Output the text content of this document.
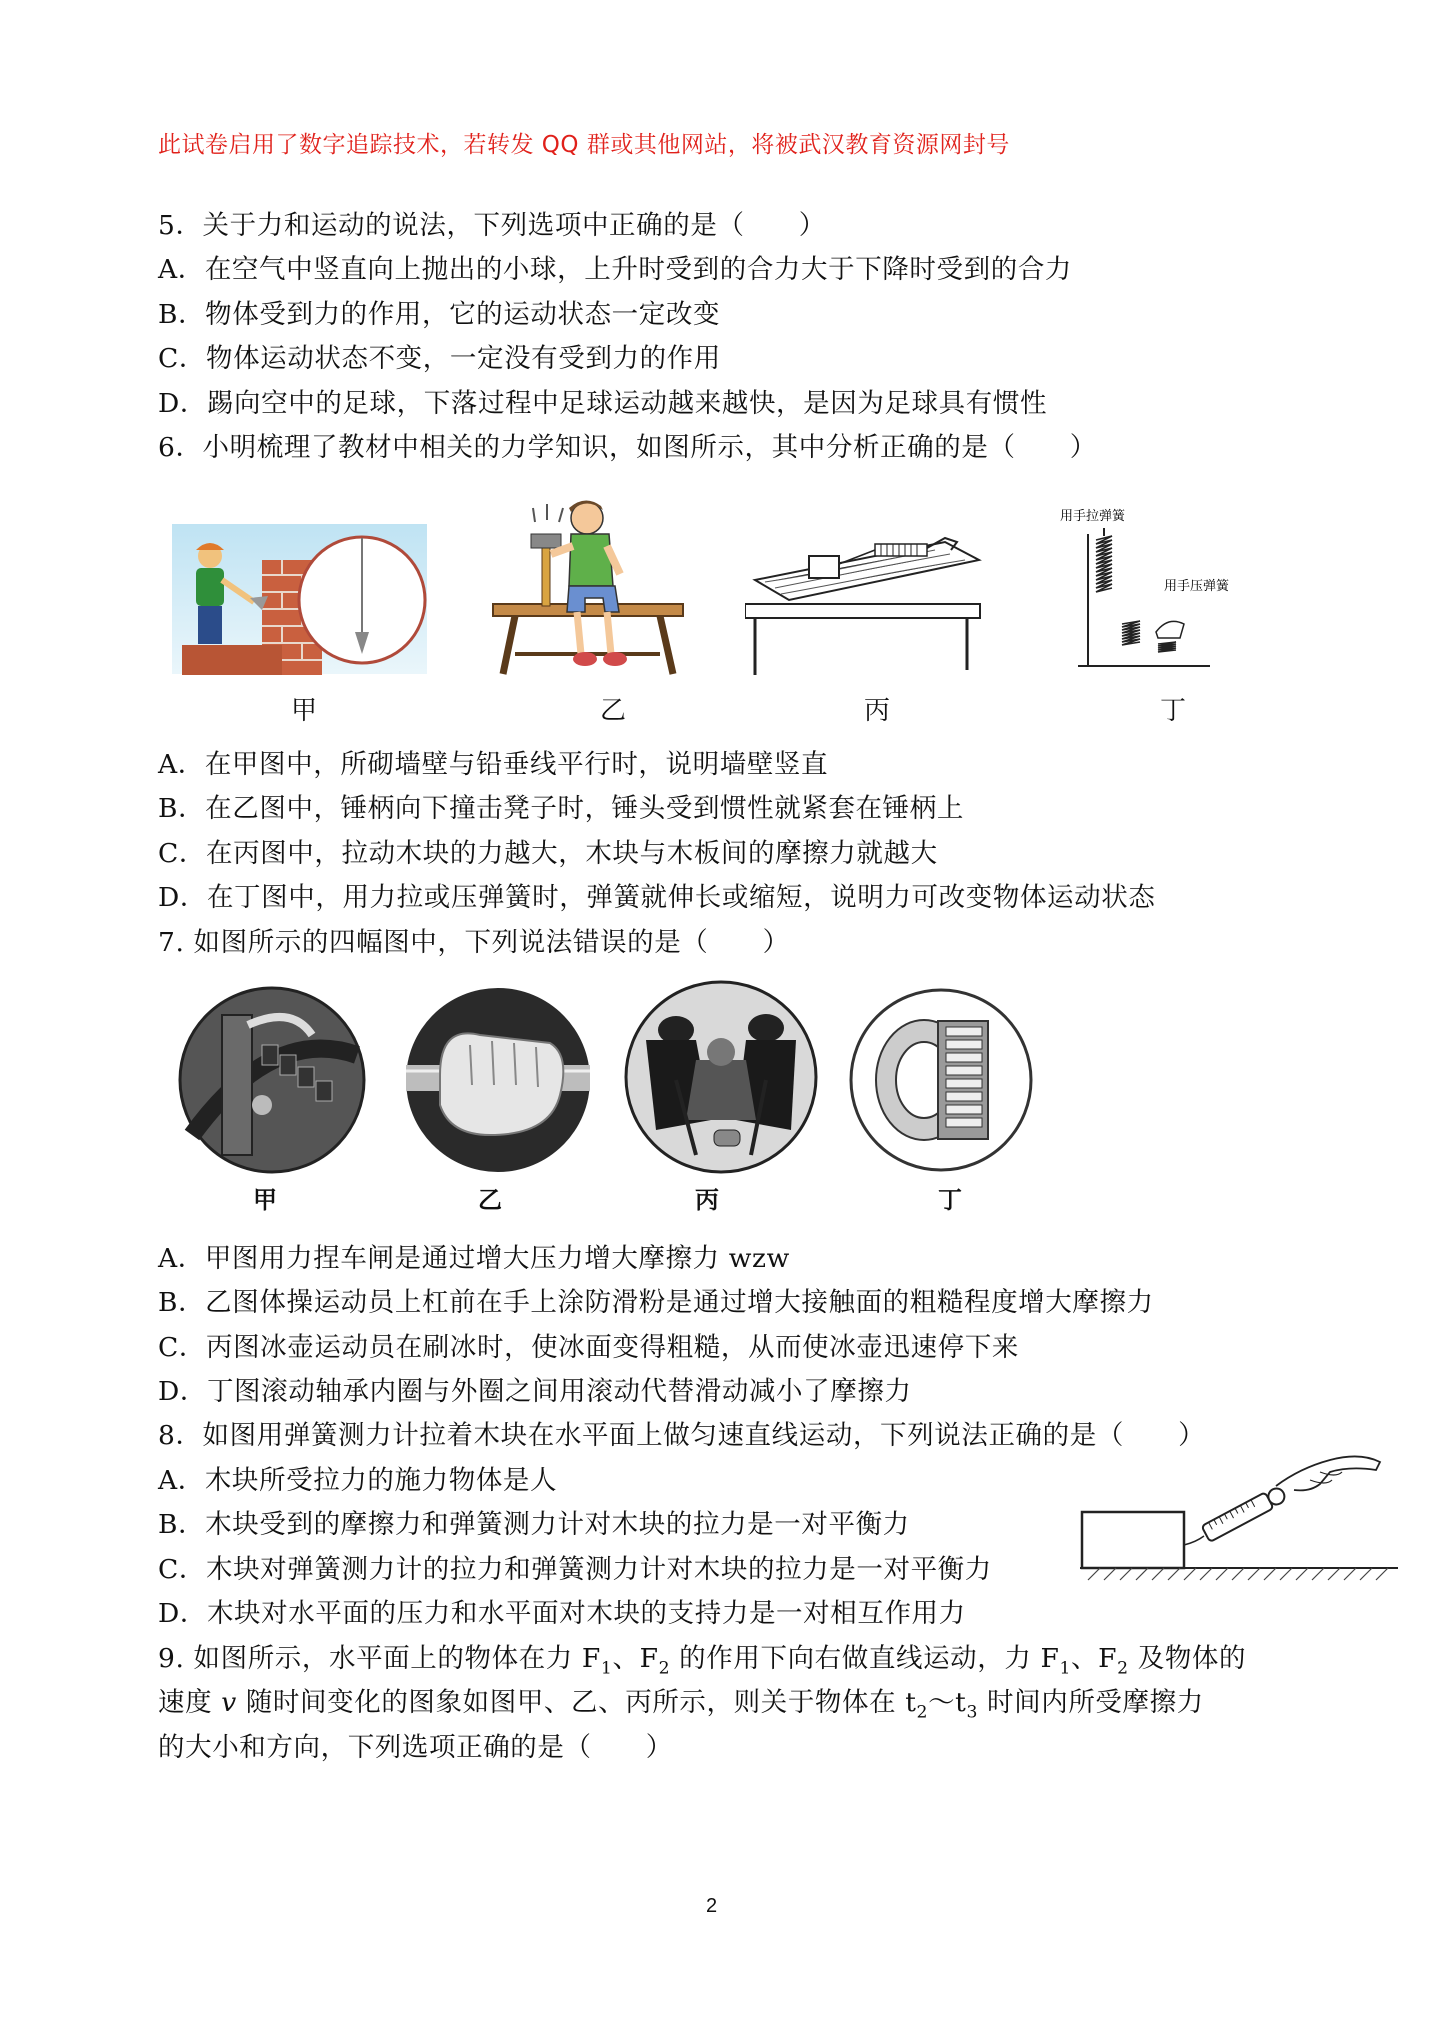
此试卷启用了数字追踪技术，若转发 QQ 群或其他网站，将被武汉教育资源网封号
5．关于力和运动的说法，下列选项中正确的是（　　）
A．在空气中竖直向上抛出的小球，上升时受到的合力大于下降时受到的合力
B．物体受到力的作用，它的运动状态一定改变
C．物体运动状态不变，一定没有受到力的作用
D．踢向空中的足球，下落过程中足球运动越来越快，是因为足球具有惯性
6．小明梳理了教材中相关的力学知识，如图所示，其中分析正确的是（　　）
用手拉弹簧
用手压弹簧
甲	乙	丙	丁
A．在甲图中，所砌墙壁与铅垂线平行时，说明墙壁竖直
B．在乙图中，锤柄向下撞击凳子时，锤头受到惯性就紧套在锤柄上
C．在丙图中，拉动木块的力越大，木块与木板间的摩擦力就越大
D．在丁图中，用力拉或压弹簧时，弹簧就伸长或缩短，说明力可改变物体运动状态
7. 如图所示的四幅图中，下列说法错误的是（　　）
甲	乙	丙	丁
A．甲图用力捏车闸是通过增大压力增大摩擦力 wzw
B．乙图体操运动员上杠前在手上涂防滑粉是通过增大接触面的粗糙程度增大摩擦力
C．丙图冰壶运动员在刷冰时，使冰面变得粗糙，从而使冰壶迅速停下来
D．丁图滚动轴承内圈与外圈之间用滚动代替滑动减小了摩擦力
8．如图用弹簧测力计拉着木块在水平面上做匀速直线运动，下列说法正确的是（　　）
A．木块所受拉力的施力物体是人
B．木块受到的摩擦力和弹簧测力计对木块的拉力是一对平衡力
C．木块对弹簧测力计的拉力和弹簧测力计对木块的拉力是一对平衡力
D．木块对水平面的压力和水平面对木块的支持力是一对相互作用力
9. 如图所示，水平面上的物体在力 $F_1$、$F_2$ 的作用下向右做直线运动，力 $F_1$、$F_2$ 及物体的
速度 v 随时间变化的图象如图甲、乙、丙所示，则关于物体在 $t_2\sim t_3$ 时间内所受摩擦力
的大小和方向，下列选项正确的是（　　）
2
